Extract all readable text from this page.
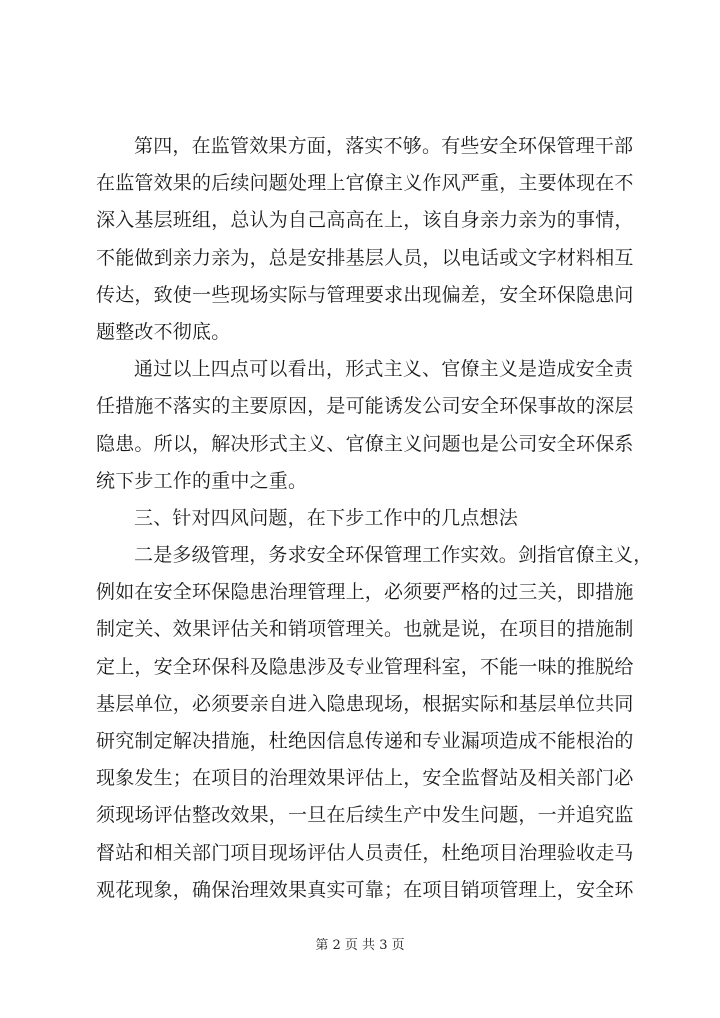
第四，在监管效果方面，落实不够。有些安全环保管理干部
在监管效果的后续问题处理上官僚主义作风严重，主要体现在不
深入基层班组，总认为自己高高在上，该自身亲力亲为的事情，
不能做到亲力亲为，总是安排基层人员，以电话或文字材料相互
传达，致使一些现场实际与管理要求出现偏差，安全环保隐患问
题整改不彻底。
通过以上四点可以看出，形式主义、官僚主义是造成安全责
任措施不落实的主要原因，是可能诱发公司安全环保事故的深层
隐患。所以，解决形式主义、官僚主义问题也是公司安全环保系
统下步工作的重中之重。
三、针对四风问题，在下步工作中的几点想法
二是多级管理，务求安全环保管理工作实效。剑指官僚主义，
例如在安全环保隐患治理管理上，必须要严格的过三关，即措施
制定关、效果评估关和销项管理关。也就是说，在项目的措施制
定上，安全环保科及隐患涉及专业管理科室，不能一味的推脱给
基层单位，必须要亲自进入隐患现场，根据实际和基层单位共同
研究制定解决措施，杜绝因信息传递和专业漏项造成不能根治的
现象发生；在项目的治理效果评估上，安全监督站及相关部门必
须现场评估整改效果，一旦在后续生产中发生问题，一并追究监
督站和相关部门项目现场评估人员责任，杜绝项目治理验收走马
观花现象，确保治理效果真实可靠；在项目销项管理上，安全环
第 2 页 共 3 页
